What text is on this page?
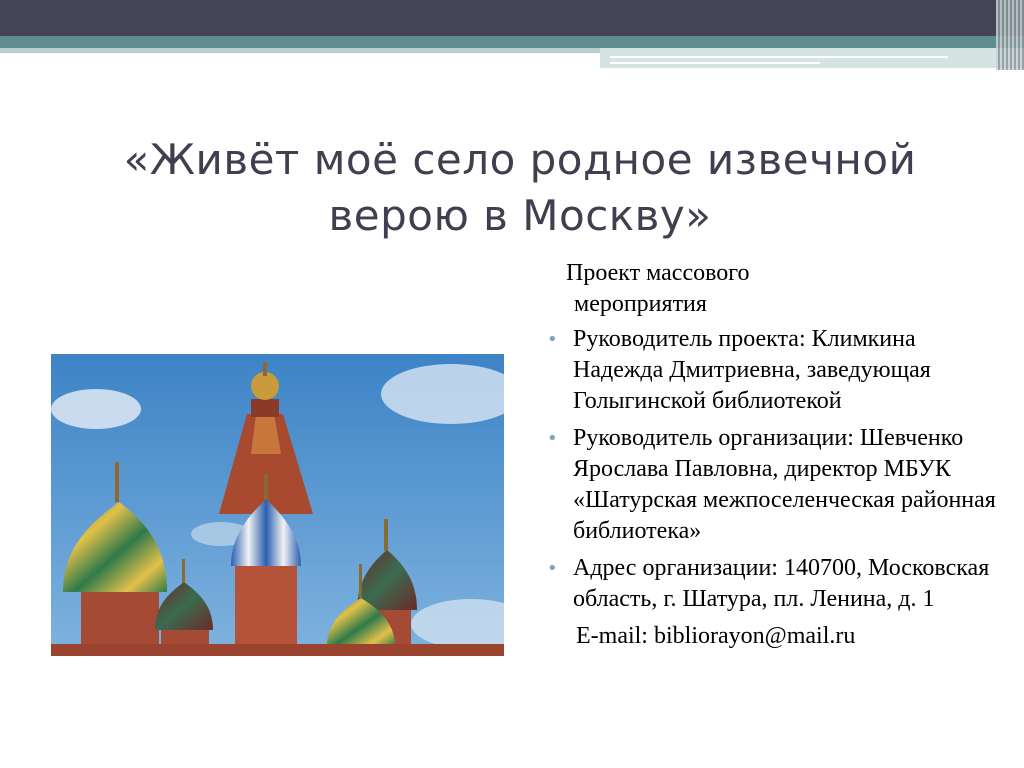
«Живёт моё село родное извечной верою в Москву»
Проект массового
мероприятия
• Руководитель проекта: Климкина Надежда Дмитриевна, заведующая Голыгинской библиотекой
• Руководитель организации: Шевченко Ярослава Павловна, директор МБУК «Шатурская межпоселенческая районная библиотека»
• Адрес организации: 140700, Московская область, г. Шатура, пл. Ленина, д. 1
E-mail: bibliorayon@mail.ru
